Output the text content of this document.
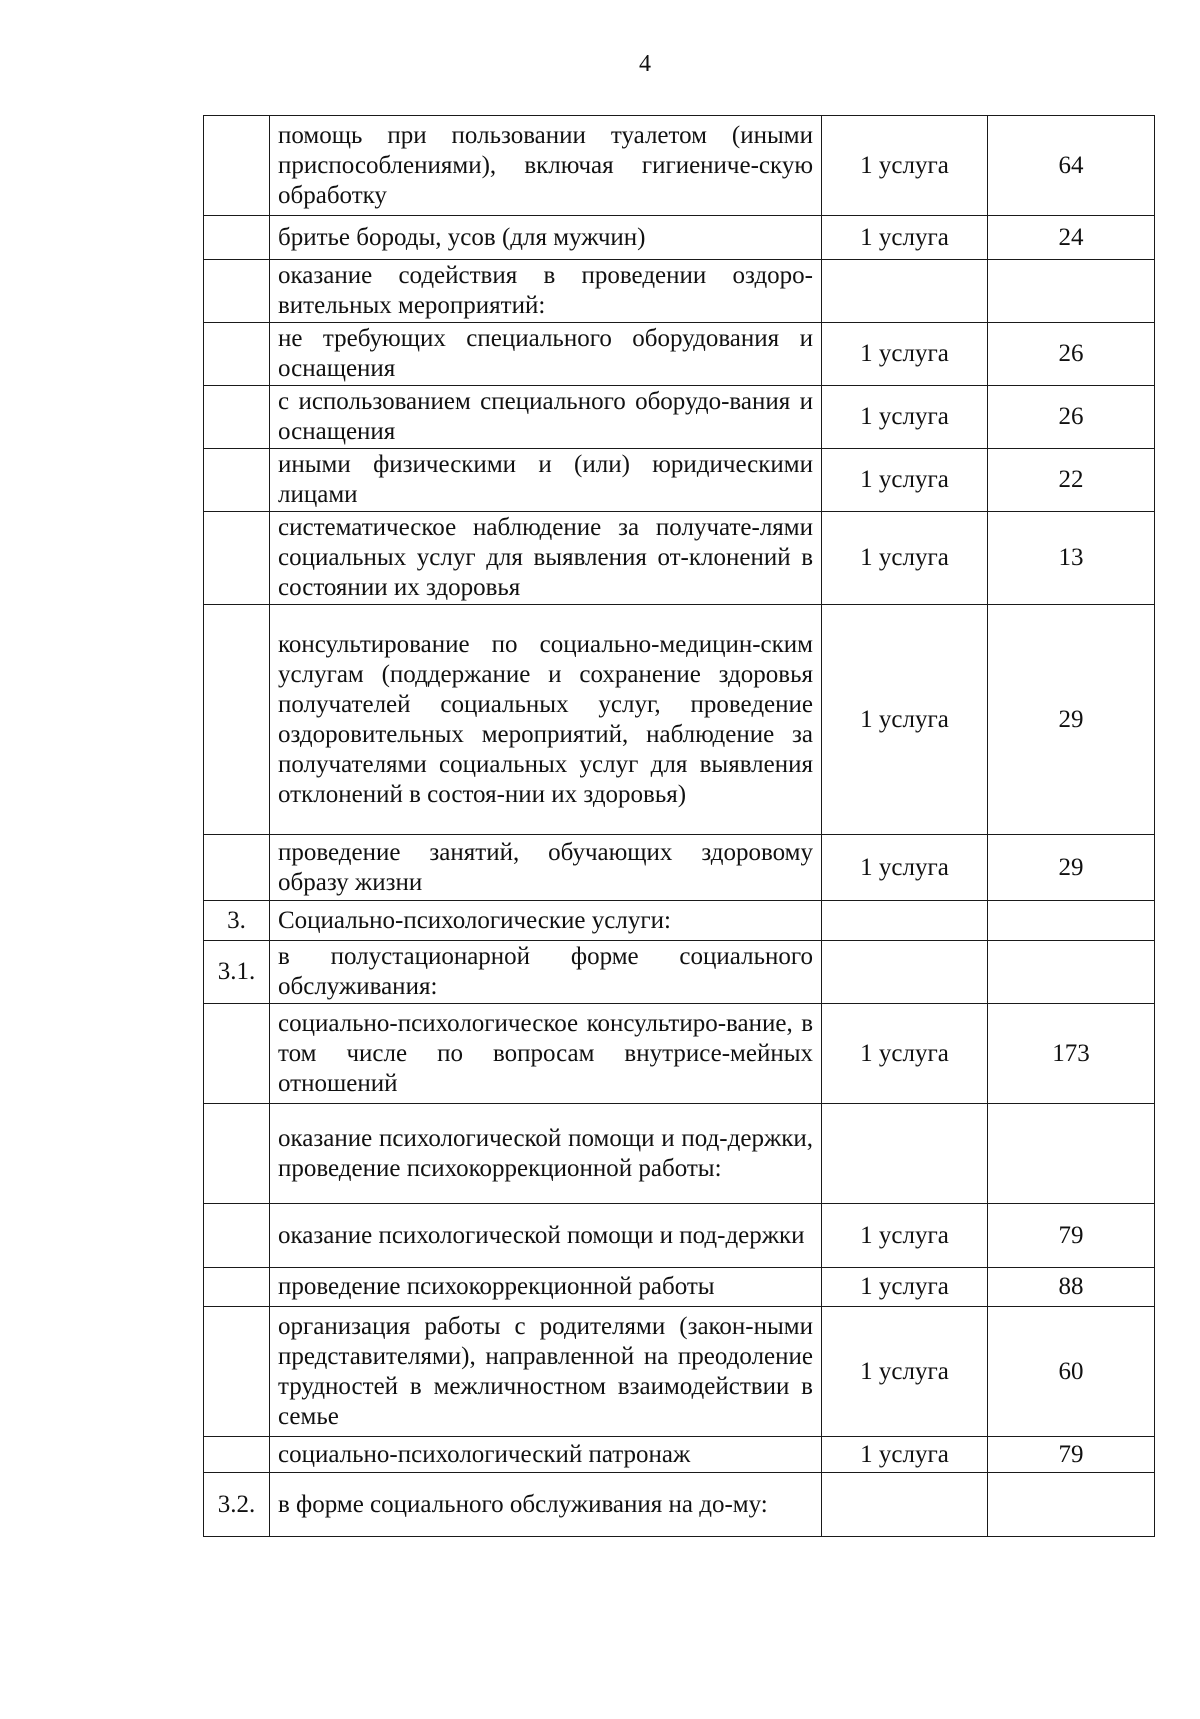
4
	помощь при пользовании туалетом (иными приспособлениями), включая гигиениче-скую обработку	1 услуга	64
	бритье бороды, усов (для мужчин)	1 услуга	24
	оказание содействия в проведении оздоро-вительных мероприятий:		
	не требующих специального оборудования и оснащения	1 услуга	26
	с использованием специального оборудо-вания и оснащения	1 услуга	26
	иными физическими и (или) юридическими лицами	1 услуга	22
	систематическое наблюдение за получате-лями социальных услуг для выявления от-клонений в состоянии их здоровья	1 услуга	13
	консультирование по социально-медицин-ским услугам (поддержание и сохранение здоровья получателей социальных услуг, проведение оздоровительных мероприятий, наблюдение за получателями социальных услуг для выявления отклонений в состоя-нии их здоровья)	1 услуга	29
	проведение занятий, обучающих здоровому образу жизни	1 услуга	29
3.	Социально-психологические услуги:		
3.1.	в полустационарной форме социального обслуживания:		
	социально-психологическое консультиро-вание, в том числе по вопросам внутрисе-мейных отношений	1 услуга	173
	оказание психологической помощи и под-держки, проведение психокоррекционной работы:		
	оказание психологической помощи и под-держки	1 услуга	79
	проведение психокоррекционной работы	1 услуга	88
	организация работы с родителями (закон-ными представителями), направленной на преодоление трудностей в межличностном взаимодействии в семье	1 услуга	60
	социально-психологический патронаж	1 услуга	79
3.2.	в форме социального обслуживания на до-му:		
